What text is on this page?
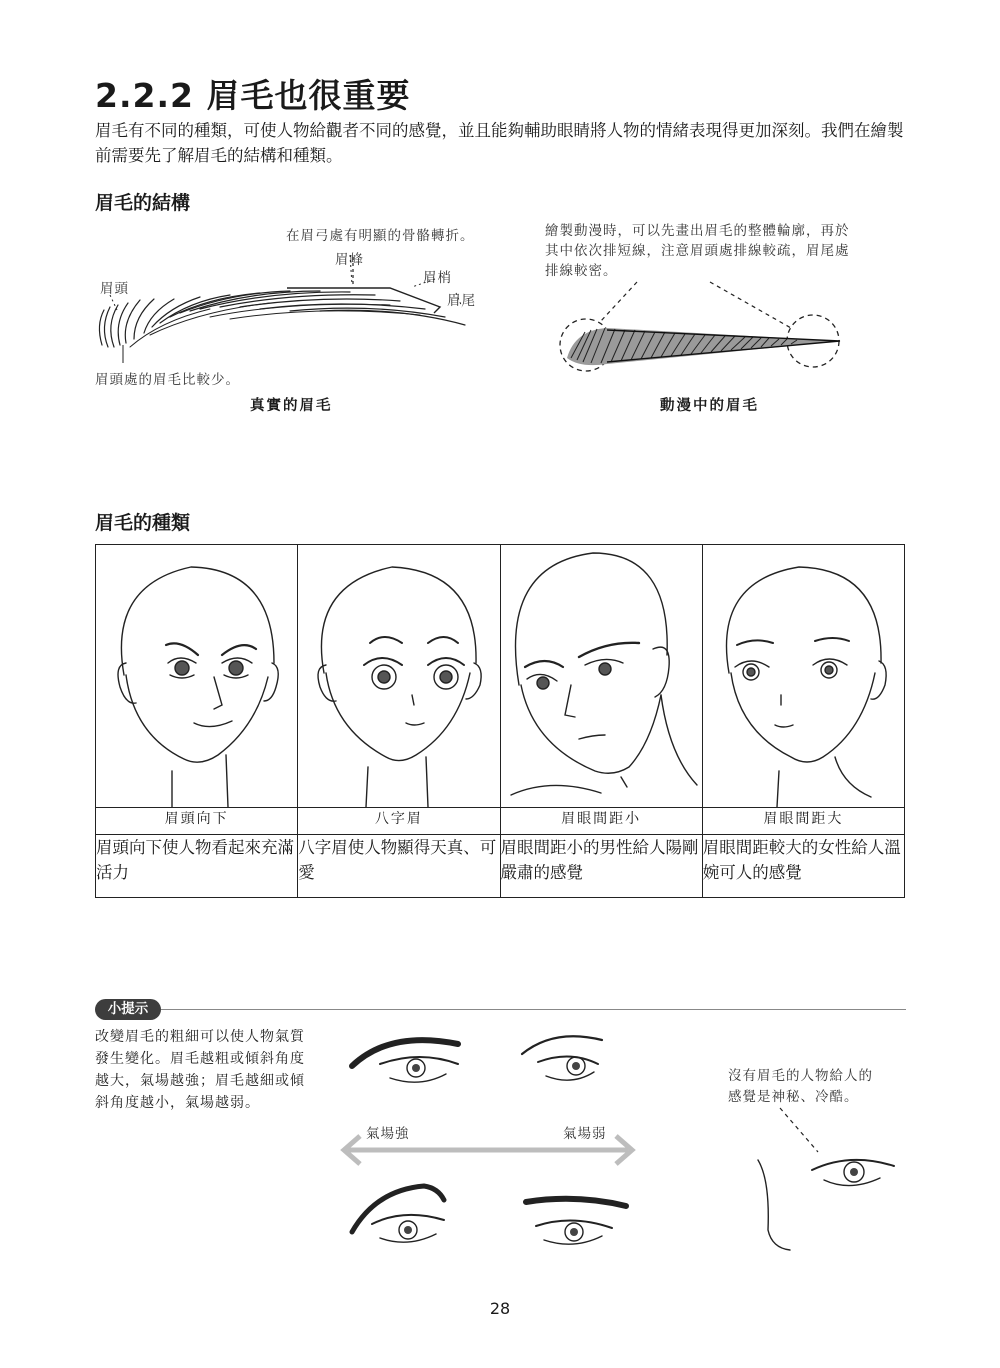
2.2.2 眉毛也很重要
眉毛有不同的種類，可使人物給觀者不同的感覺，並且能夠輔助眼睛將人物的情緒表現得更加深刻。我們在繪製前需要先了解眉毛的結構和種類。
眉毛的結構
在眉弓處有明顯的骨骼轉折。
眉峰
眉頭
眉梢
眉尾
眉頭處的眉毛比較少。
真實的眉毛
繪製動漫時，可以先畫出眉毛的整體輪廓，再於
其中依次排短線，注意眉頭處排線較疏，眉尾處
排線較密。
動漫中的眉毛
眉毛的種類

眉頭向下	八字眉	眉眼間距小	眉眼間距大
眉頭向下使人物看起來充滿活力	八字眉使人物顯得天真、可愛	眉眼間距小的男性給人陽剛嚴肅的感覺	眉眼間距較大的女性給人溫婉可人的感覺
小提示
改變眉毛的粗細可以使人物氣質發生變化。眉毛越粗或傾斜角度越大，氣場越強；眉毛越細或傾斜角度越小，氣場越弱。
氣場強	氣場弱
沒有眉毛的人物給人的
感覺是神秘、冷酷。
28
